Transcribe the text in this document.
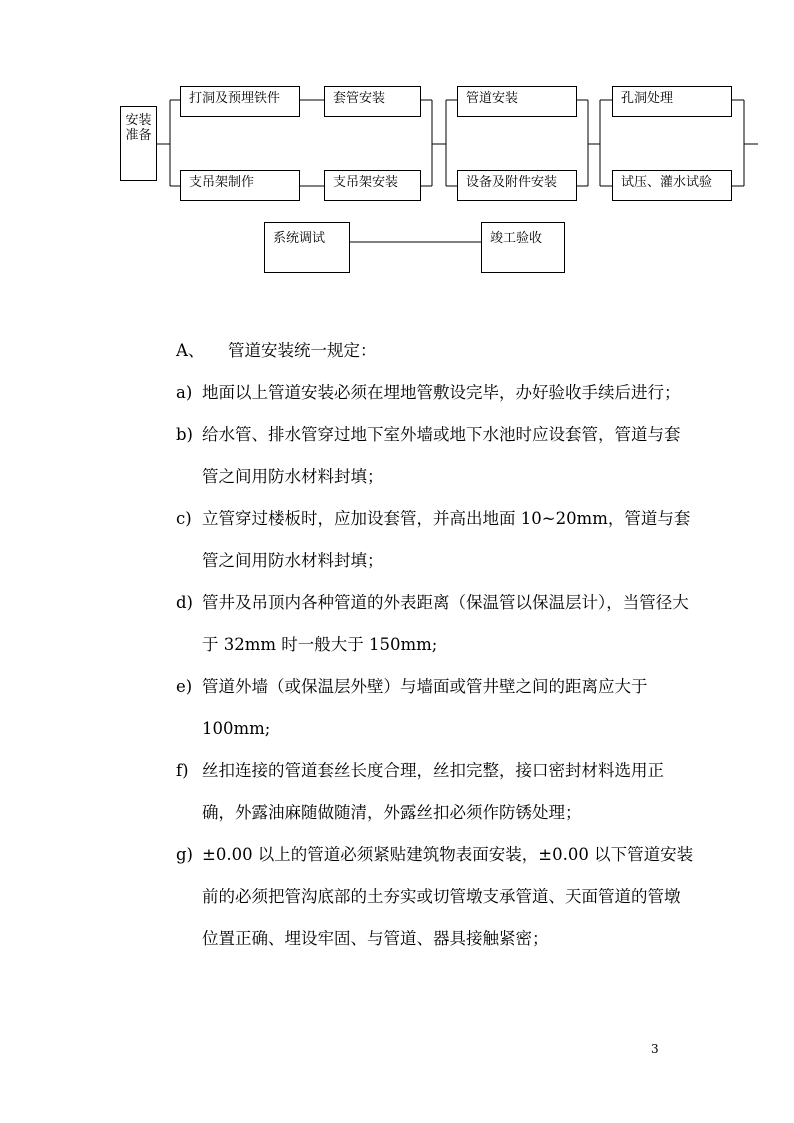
安装准备
打洞及预埋铁件	套管安装	管道安装	孔洞处理
支吊架制作	支吊架安装	设备及附件安装	试压、灌水试验
系统调试	竣工验收
A、 管道安装统一规定：
a) 地面以上管道安装必须在埋地管敷设完毕，办好验收手续后进行；
b) 给水管、排水管穿过地下室外墙或地下水池时应设套管，管道与套管之间用防水材料封填；
c) 立管穿过楼板时，应加设套管，并高出地面 10~20mm，管道与套管之间用防水材料封填；
d) 管井及吊顶内各种管道的外表距离（保温管以保温层计），当管径大于 32mm 时一般大于 150mm;
e) 管道外墙（或保温层外壁）与墙面或管井壁之间的距离应大于 100mm;
f) 丝扣连接的管道套丝长度合理，丝扣完整，接口密封材料选用正确，外露油麻随做随清，外露丝扣必须作防锈处理；
g) ±0.00 以上的管道必须紧贴建筑物表面安装，±0.00 以下管道安装前的必须把管沟底部的土夯实或切管墩支承管道、天面管道的管墩位置正确、埋设牢固、与管道、器具接触紧密；
3
